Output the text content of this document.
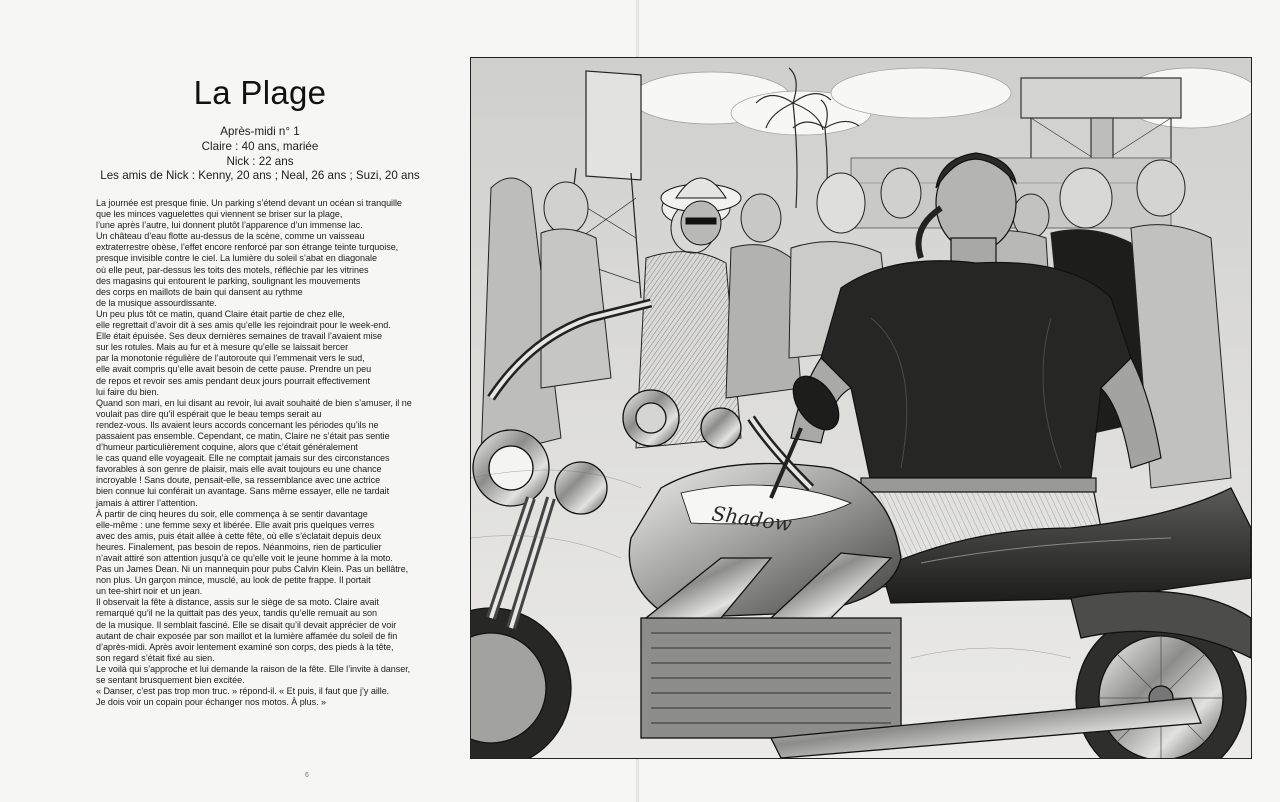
La Plage
Après-midi n° 1
Claire : 40 ans, mariée
Nick : 22 ans
Les amis de Nick : Kenny, 20 ans ; Neal, 26 ans ; Suzi, 20 ans
La journée est presque finie. Un parking s’étend devant un océan si tranquille
que les minces vaguelettes qui viennent se briser sur la plage,
l’une après l’autre, lui donnent plutôt l’apparence d’un immense lac.
Un château d’eau flotte au-dessus de la scène, comme un vaisseau
extraterrestre obèse, l’effet encore renforcé par son étrange teinte turquoise,
presque invisible contre le ciel. La lumière du soleil s’abat en diagonale
où elle peut, par-dessus les toits des motels, réfléchie par les vitrines
des magasins qui entourent le parking, soulignant les mouvements
des corps en maillots de bain qui dansent au rythme
de la musique assourdissante.
Un peu plus tôt ce matin, quand Claire était partie de chez elle,
elle regrettait d’avoir dit à ses amis qu’elle les rejoindrait pour le week-end.
Elle était épuisée. Ses deux dernières semaines de travail l’avaient mise
sur les rotules. Mais au fur et à mesure qu’elle se laissait bercer
par la monotonie régulière de l’autoroute qui l’emmenait vers le sud,
elle avait compris qu’elle avait besoin de cette pause. Prendre un peu
de repos et revoir ses amis pendant deux jours pourrait effectivement
lui faire du bien.
Quand son mari, en lui disant au revoir, lui avait souhaité de bien s’amuser, il ne
voulait pas dire qu’il espérait que le beau temps serait au
rendez-vous. Ils avaient leurs accords concernant les périodes qu’ils ne
passaient pas ensemble. Cependant, ce matin, Claire ne s’était pas sentie
d’humeur particulièrement coquine, alors que c’était généralement
le cas quand elle voyageait. Elle ne comptait jamais sur des circonstances
favorables à son genre de plaisir, mais elle avait toujours eu une chance
incroyable ! Sans doute, pensait-elle, sa ressemblance avec une actrice
bien connue lui conférait un avantage. Sans même essayer, elle ne tardait
jamais à attirer l’attention.
À partir de cinq heures du soir, elle commença à se sentir davantage
elle-même : une femme sexy et libérée. Elle avait pris quelques verres
avec des amis, puis était allée à cette fête, où elle s’éclatait depuis deux
heures. Finalement, pas besoin de repos. Néanmoins, rien de particulier
n’avait attiré son attention jusqu’à ce qu’elle voit le jeune homme à la moto.
Pas un James Dean. Ni un mannequin pour pubs Calvin Klein. Pas un bellâtre,
non plus. Un garçon mince, musclé, au look de petite frappe. Il portait
un tee-shirt noir et un jean.
Il observait la fête à distance, assis sur le siège de sa moto. Claire avait
remarqué qu’il ne la quittait pas des yeux, tandis qu’elle remuait au son
de la musique. Il semblait fasciné. Elle se disait qu’il devait apprécier de voir
autant de chair exposée par son maillot et la lumière affamée du soleil de fin
d’après-midi. Après avoir lentement examiné son corps, des pieds à la tête,
son regard s’était fixé au sien.
Le voilà qui s’approche et lui demande la raison de la fête. Elle l’invite à danser,
se sentant brusquement bien excitée.
« Danser, c’est pas trop mon truc. » répond-il. « Et puis, il faut que j’y aille.
Je dois voir un copain pour échanger nos motos. À plus. »
6
Shadow
